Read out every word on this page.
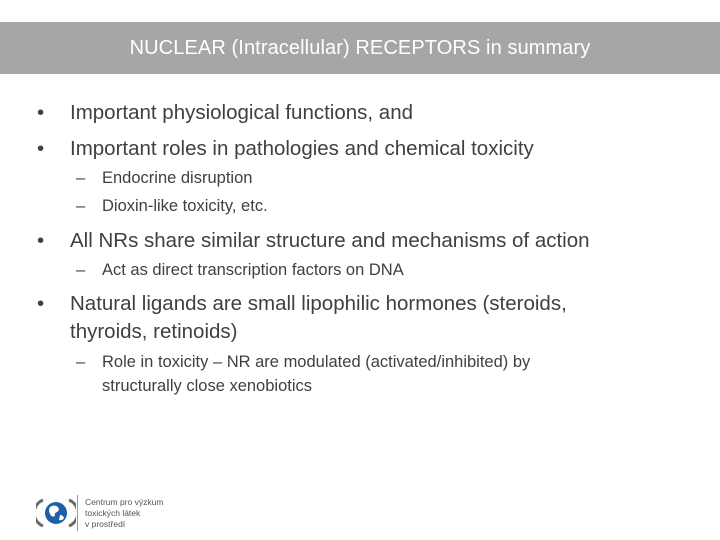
NUCLEAR (Intracellular) RECEPTORS in summary
• Important physiological functions, and
• Important roles in pathologies and chemical toxicity
– Endocrine disruption
– Dioxin-like toxicity, etc.
• All NRs share similar structure and mechanisms of action
– Act as direct transcription factors on DNA
• Natural ligands are small lipophilic hormones (steroids,
thyroids, retinoids)
– Role in toxicity – NR are modulated (activated/inhibited) by
structurally close xenobiotics
Centrum pro výzkum
toxických látek
v prostředí
